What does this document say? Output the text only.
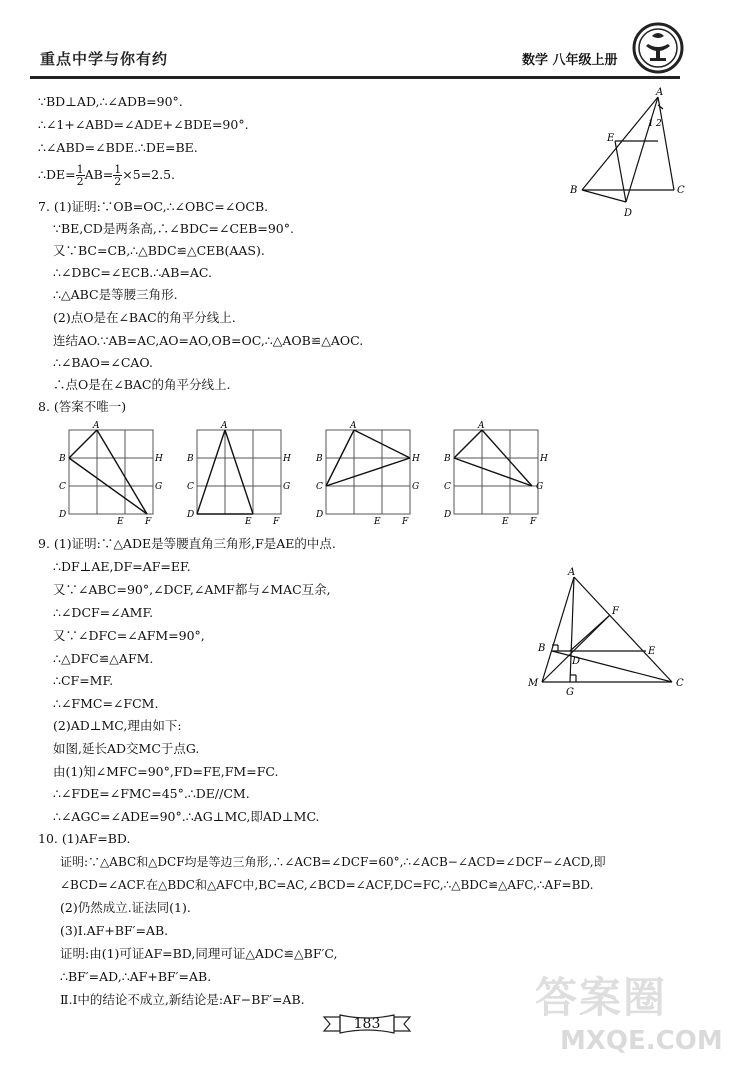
重点中学与你有约	数学 八年级上册
∵BD⊥AD,∴∠ADB=90°.
∴∠1+∠ABD=∠ADE+∠BDE=90°.
∴∠ABD=∠BDE.∴DE=BE.
∴DE= $\frac{1}{2} AB= \frac{1}{2} \times 5=2.5$.
7. (1)证明:∵OB=OC,∴∠OBC=∠OCB.
∵BE,CD是两条高,∴∠BDC=∠CEB=90°.
又∵BC=CB,∴△BDC≌△CEB(AAS).
∴∠DBC=∠ECB.∴AB=AC.
∴△ABC是等腰三角形.
(2)点O是在∠BAC的角平分线上.
连结AO.∵AB=AC,AO=AO,OB=OC,∴△AOB≌△AOC.
∴∠BAO=∠CAO.
∴点O是在∠BAC的角平分线上.
8. (答案不唯一)
9. (1)证明:∵△ADE是等腰直角三角形,F是AE的中点.
∴DF⊥AE,DF=AF=EF.
又∵∠ABC=90°,∠DCF,∠AMF都与∠MAC互余,
∴∠DCF=∠AMF.
又∵∠DFC=∠AFM=90°,
∴△DFC≌△AFM.
∴CF=MF.
∴∠FMC=∠FCM.
(2)AD⊥MC,理由如下:
如图,延长AD交MC于点G.
由(1)知∠MFC=90°,FD=FE,FM=FC.
∴∠FDE=∠FMC=45°.∴DE//CM.
∴∠AGC=∠ADE=90°.∴AG⊥MC,即AD⊥MC.
10. (1)AF=BD.
证明:∵△ABC和△DCF均是等边三角形,∴∠ACB=∠DCF=60°,∴∠ACB−∠ACD=∠DCF−∠ACD,即
∠BCD=∠ACF.在△BDC和△AFC中,BC=AC,∠BCD=∠ACF,DC=FC,∴△BDC≌△AFC,∴AF=BD.
(2)仍然成立.证法同(1).
(3)Ⅰ.AF+BF′=AB.
证明:由(1)可证AF=BD,同理可证△ADC≌△BF′C,
∴BF′=AD,∴AF+BF′=AB.
Ⅱ.Ⅰ中的结论不成立,新结论是:AF−BF′=AB.
A
B	C
D
E
1 2
A
B
C
D
E F
G
H
A
B
C
D
E F
G
H
A
B
C
D
E F
G
H
A
B
C
D
E F
G
H
A
B
C
D
E
F
G
M
183
答案圈
MXQE.COM
